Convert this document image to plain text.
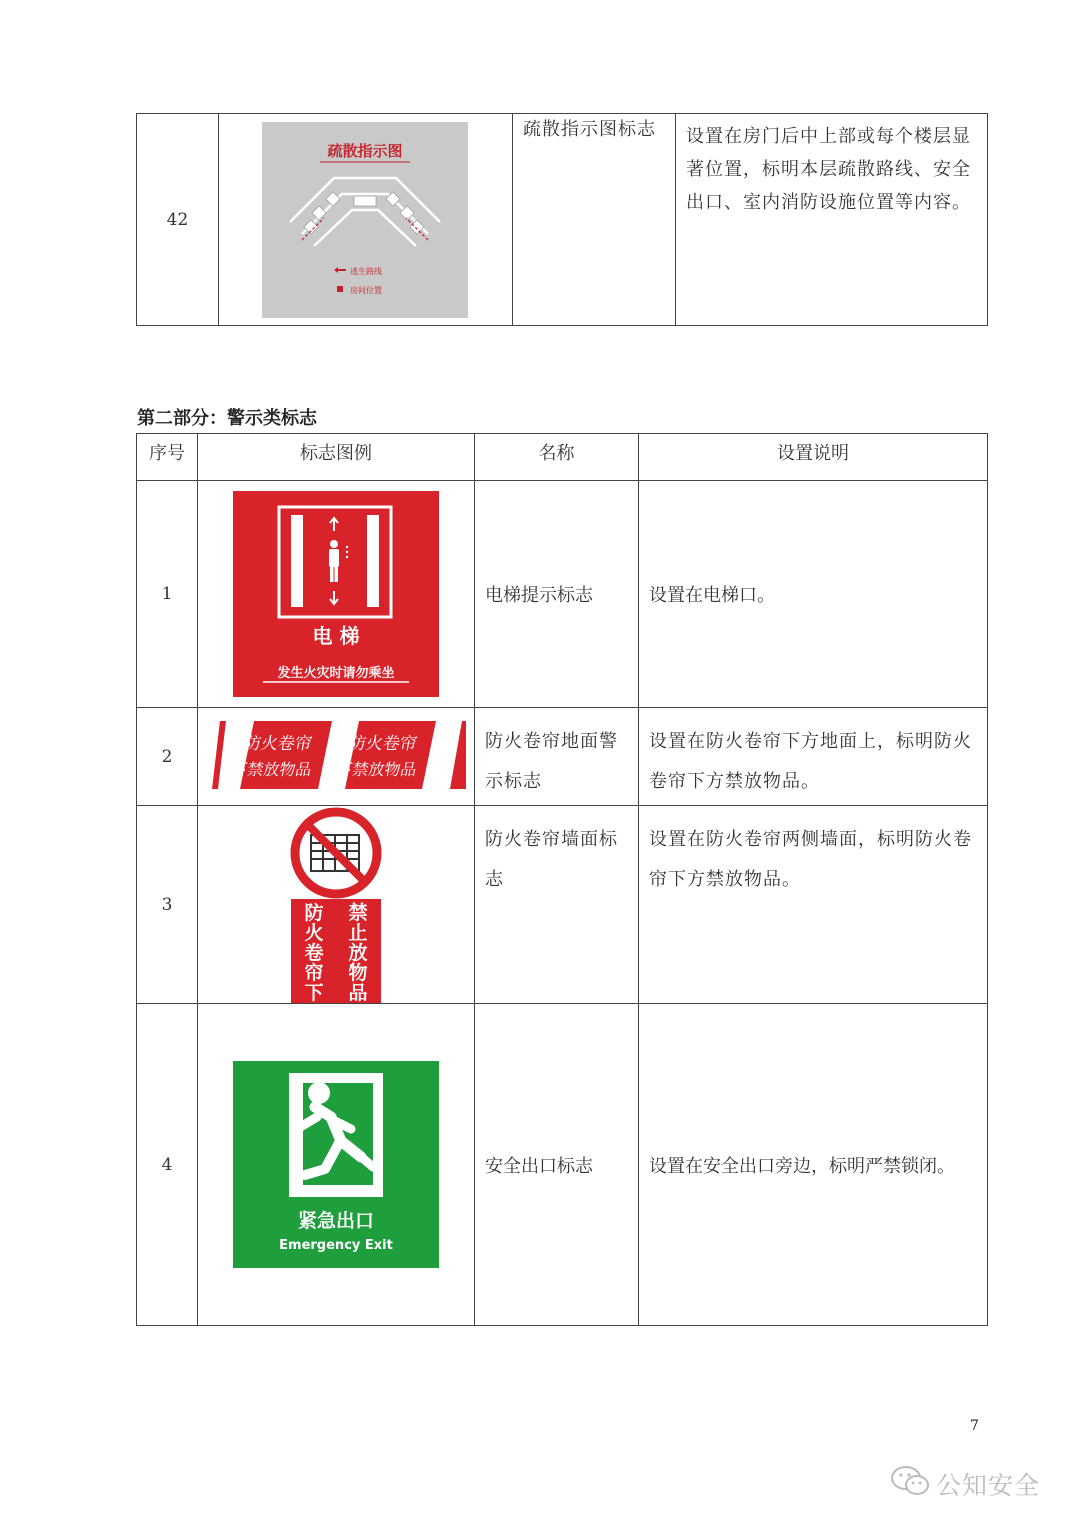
42	
疏散指示图
逃生路线
房间位置
	疏散指示图标志	设置在房门后中上部或每个楼层显著位置，标明本层疏散路线、安全出口、室内消防设施位置等内容。
第二部分：警示类标志
序号	标志图例	名称	设置说明
1	电 梯
发生火灾时请勿乘坐	电梯提示标志	设置在电梯口。
2	防火卷帘
下禁放物品
防火卷帘
下禁放物品	防火卷帘地面警示标志	设置在防火卷帘下方地面上，标明防火卷帘下方禁放物品。
3	防火卷帘下
禁止放物品	防火卷帘墙面标志	设置在防火卷帘两侧墙面，标明防火卷帘下方禁放物品。
4	紧急出口
Emergency Exit	安全出口标志	设置在安全出口旁边，标明严禁锁闭。
7
公知安全
